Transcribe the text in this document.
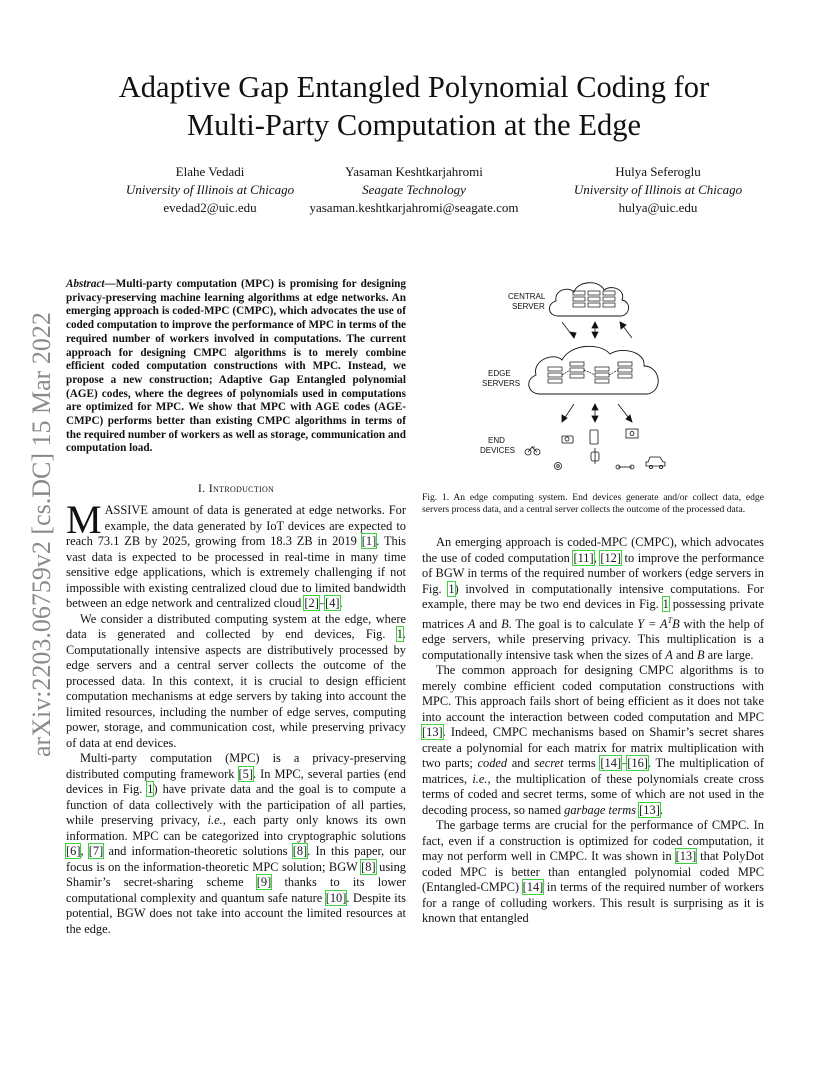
arXiv:2203.06759v2 [cs.DC] 15 Mar 2022
Adaptive Gap Entangled Polynomial Coding for
Multi-Party Computation at the Edge
Elahe Vedadi
University of Illinois at Chicago
evedad2@uic.edu
Yasaman Keshtkarjahromi
Seagate Technology
yasaman.keshtkarjahromi@seagate.com
Hulya Seferoglu
University of Illinois at Chicago
hulya@uic.edu
Abstract—Multi-party computation (MPC) is promising for designing privacy-preserving machine learning algorithms at edge networks. An emerging approach is coded-MPC (CMPC), which advocates the use of coded computation to improve the performance of MPC in terms of the required number of workers involved in computations. The current approach for designing CMPC algorithms is to merely combine efficient coded computation constructions with MPC. Instead, we propose a new construction; Adaptive Gap Entangled polynomial (AGE) codes, where the degrees of polynomials used in computations are optimized for MPC. We show that MPC with AGE codes (AGE-CMPC) performs better than existing CMPC algorithms in terms of the required number of workers as well as storage, communication and computation load.
I. Introduction

MASSIVE amount of data is generated at edge networks. For example, the data generated by IoT devices are expected to reach 73.1 ZB by 2025, growing from 18.3 ZB in 2019 [1]. This vast data is expected to be processed in real-time in many time sensitive edge applications, which is extremely challenging if not impossible with existing centralized cloud due to limited bandwidth between an edge network and centralized cloud [2]–[4].

We consider a distributed computing system at the edge, where data is generated and collected by end devices, Fig. 1. Computationally intensive aspects are distributively processed by edge servers and a central server collects the outcome of the processed data. In this context, it is crucial to design efficient computation mechanisms at edge servers by taking into account the limited resources, including the number of edge serves, computing power, storage, and communication cost, while preserving privacy of data at end devices.

Multi-party computation (MPC) is a privacy-preserving distributed computing framework [5]. In MPC, several parties (end devices in Fig. 1) have private data and the goal is to compute a function of data collectively with the participation of all parties, while preserving privacy, i.e., each party only knows its own information. MPC can be categorized into cryptographic solutions [6], [7] and information-theoretic solutions [8]. In this paper, our focus is on the information-theoretic MPC solution; BGW [8] using Shamir’s secret-sharing scheme [9] thanks to its lower computational complexity and quantum safe nature [10]. Despite its potential, BGW does not take into account the limited resources at the edge.

CENTRAL
SERVER
EDGE
SERVERS
END
DEVICES
Fig. 1. An edge computing system. End devices generate and/or collect data, edge servers process data, and a central server collects the outcome of the processed data.

An emerging approach is coded-MPC (CMPC), which advocates the use of coded computation [11], [12] to improve the performance of BGW in terms of the required number of workers (edge servers in Fig. 1) involved in computationally intensive computations. For example, there may be two end devices in Fig. 1 possessing private matrices A and B. The goal is to calculate $Y = A^TB$ with the help of edge servers, while preserving privacy. This multiplication is a computationally intensive task when the sizes of A and B are large.

The common approach for designing CMPC algorithms is to merely combine efficient coded computation constructions with MPC. This approach fails short of being efficient as it does not take into account the interaction between coded computation and MPC [13]. Indeed, CMPC mechanisms based on Shamir’s secret shares create a polynomial for each matrix for matrix multiplication with two parts; coded and secret terms [14]–[16]. The multiplication of matrices, i.e., the multiplication of these polynomials create cross terms of coded and secret terms, some of which are not used in the decoding process, so named garbage terms [13].

The garbage terms are crucial for the performance of CMPC. In fact, even if a construction is optimized for coded computation, it may not perform well in CMPC. It was shown in [13] that PolyDot coded MPC is better than entangled polynomial coded MPC (Entangled-CMPC) [14] in terms of the required number of workers for a range of colluding workers. This result is surprising as it is known that entangled
